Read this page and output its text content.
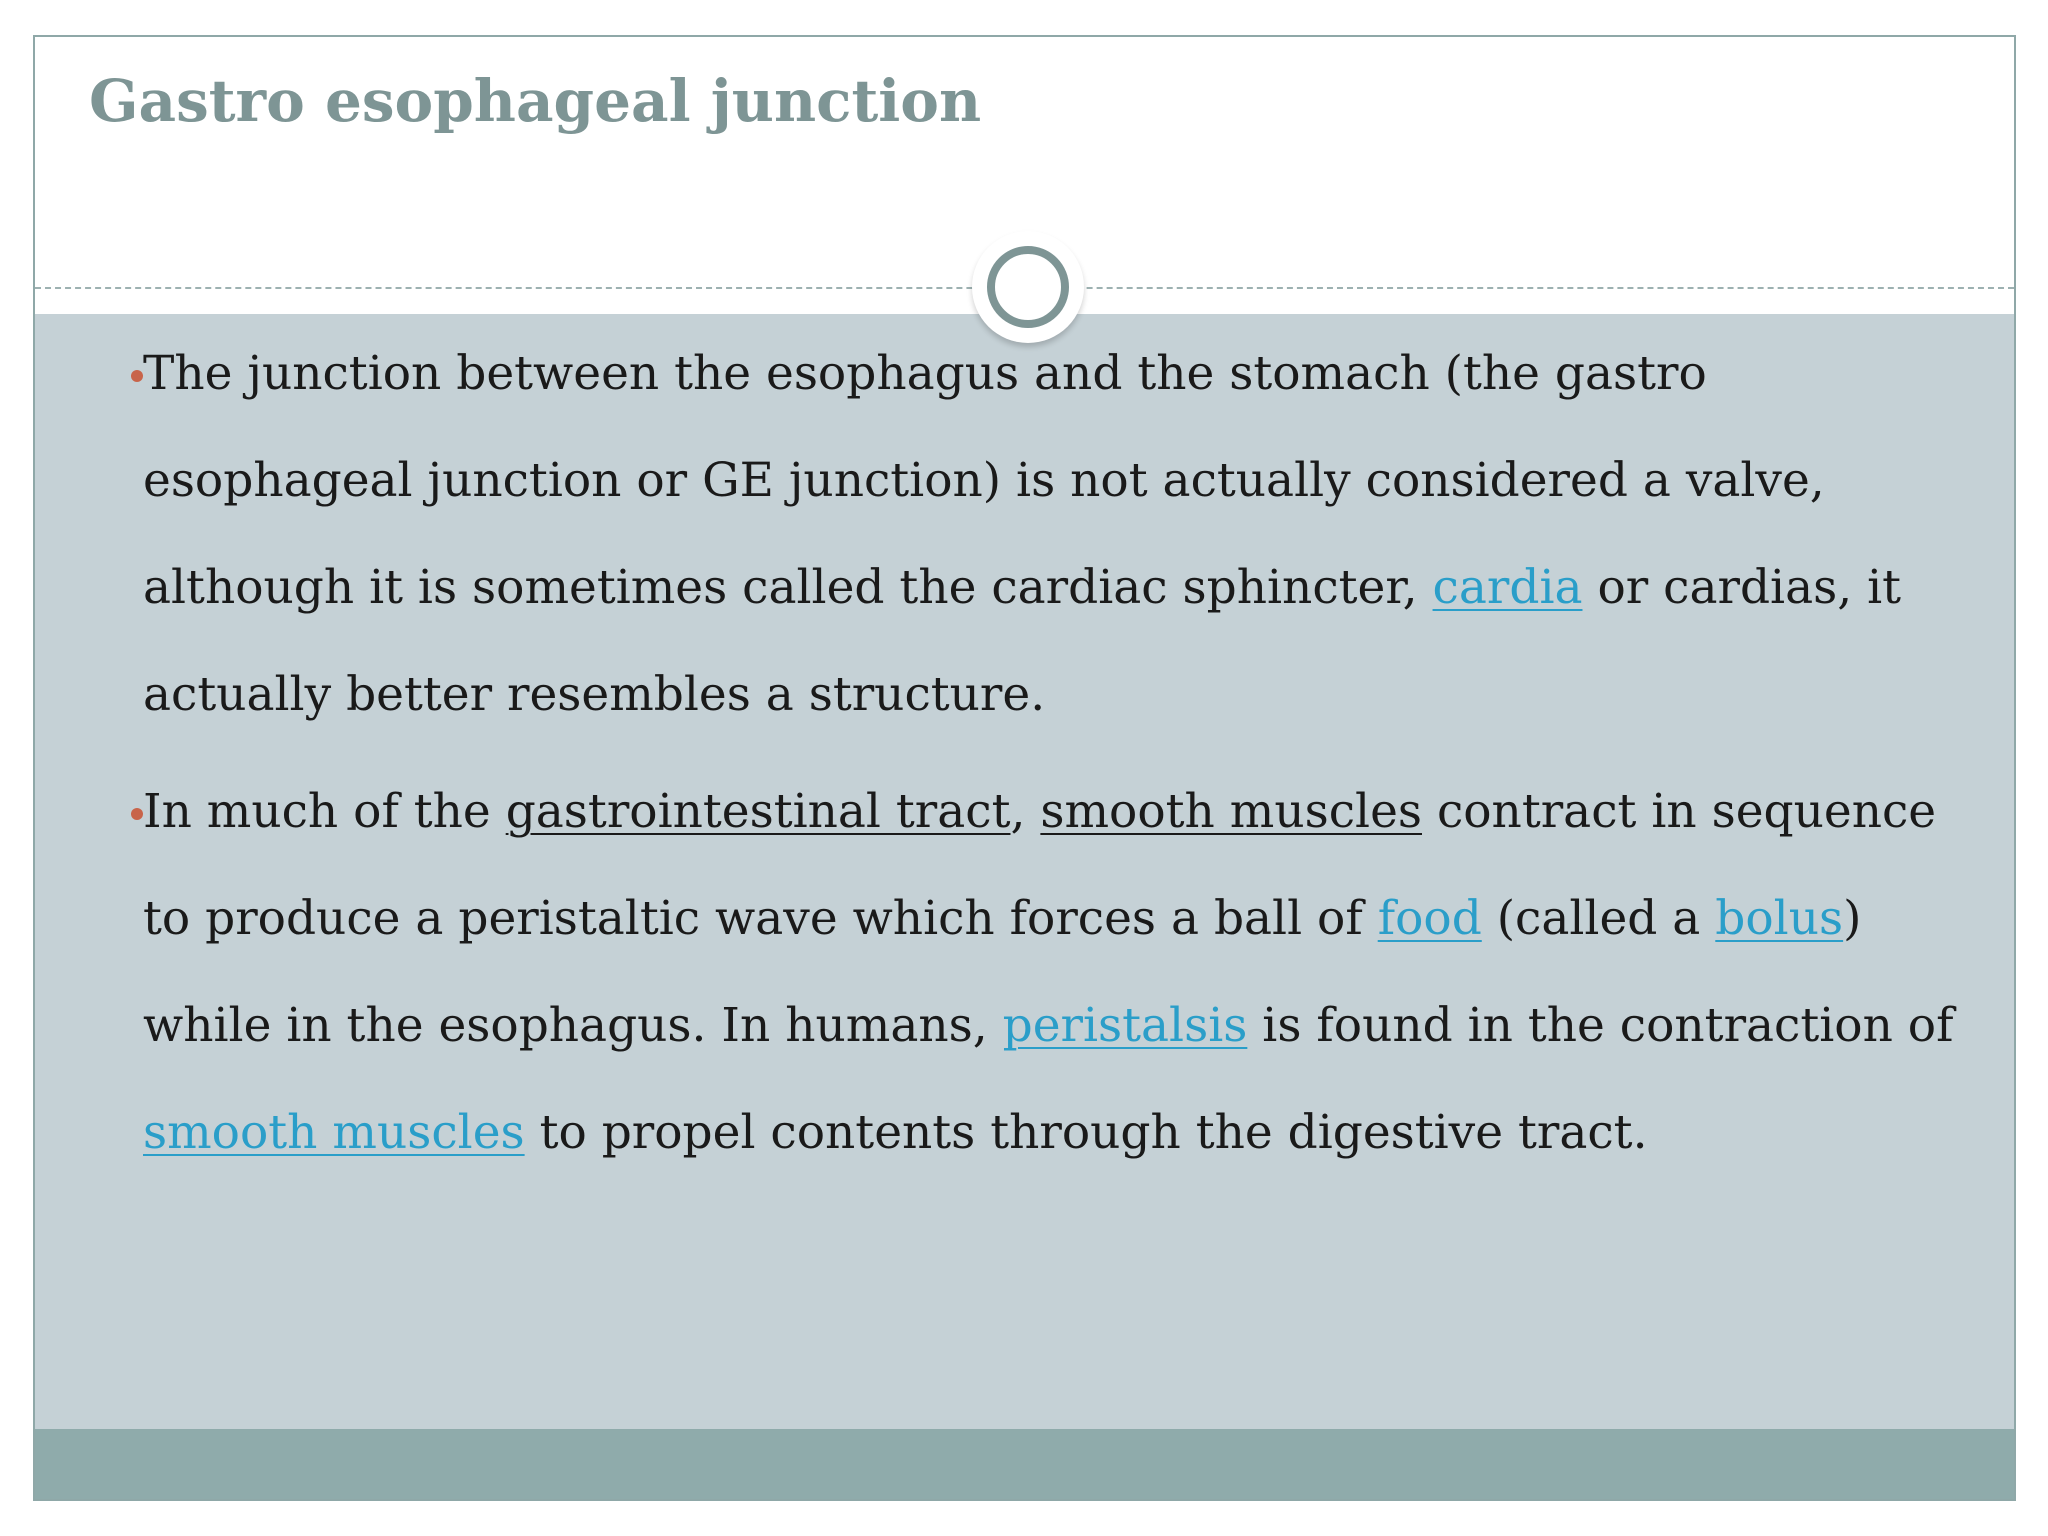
Gastro esophageal junction
The junction between the esophagus and the stomach (the gastro esophageal junction or GE junction) is not actually considered a valve, although it is sometimes called the cardiac sphincter, cardia or cardias, it actually better resembles a structure.
In much of the gastrointestinal tract, smooth muscles contract in sequence to produce a peristaltic wave which forces a ball of food (called a bolus) while in the esophagus. In humans, peristalsis is found in the contraction of smooth muscles to propel contents through the digestive tract.
